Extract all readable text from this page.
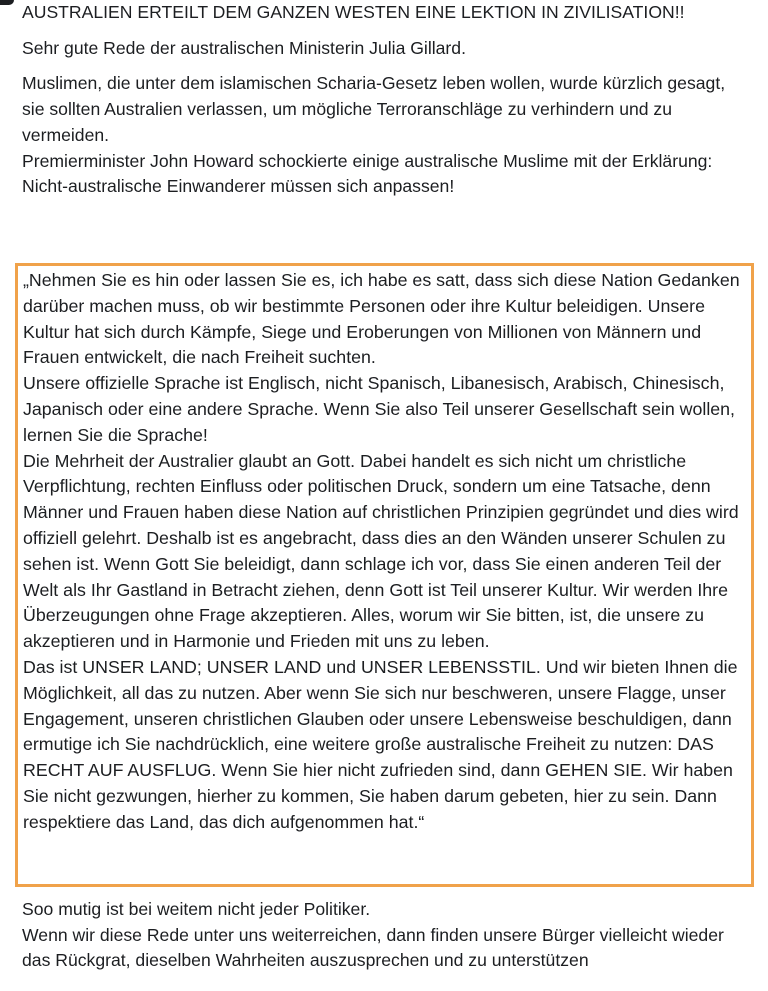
AUSTRALIEN ERTEILT DEM GANZEN WESTEN EINE LEKTION IN ZIVILISATION!!

Sehr gute Rede der australischen Ministerin Julia Gillard.

Muslimen, die unter dem islamischen Scharia-Gesetz leben wollen, wurde kürzlich gesagt, sie sollten Australien verlassen, um mögliche Terroranschläge zu verhindern und zu vermeiden.

Premierminister John Howard schockierte einige australische Muslime mit der Erklärung:

Nicht-australische Einwanderer müssen sich anpassen!

„Nehmen Sie es hin oder lassen Sie es, ich habe es satt, dass sich diese Nation Gedanken darüber machen muss, ob wir bestimmte Personen oder ihre Kultur beleidigen. Unsere Kultur hat sich durch Kämpfe, Siege und Eroberungen von Millionen von Männern und Frauen entwickelt, die nach Freiheit suchten.

Unsere offizielle Sprache ist Englisch, nicht Spanisch, Libanesisch, Arabisch, Chinesisch, Japanisch oder eine andere Sprache. Wenn Sie also Teil unserer Gesellschaft sein wollen, lernen Sie die Sprache!

Die Mehrheit der Australier glaubt an Gott. Dabei handelt es sich nicht um christliche Verpflichtung, rechten Einfluss oder politischen Druck, sondern um eine Tatsache, denn Männer und Frauen haben diese Nation auf christlichen Prinzipien gegründet und dies wird offiziell gelehrt. Deshalb ist es angebracht, dass dies an den Wänden unserer Schulen zu sehen ist. Wenn Gott Sie beleidigt, dann schlage ich vor, dass Sie einen anderen Teil der Welt als Ihr Gastland in Betracht ziehen, denn Gott ist Teil unserer Kultur. Wir werden Ihre Überzeugungen ohne Frage akzeptieren. Alles, worum wir Sie bitten, ist, die unsere zu akzeptieren und in Harmonie und Frieden mit uns zu leben.

Das ist UNSER LAND; UNSER LAND und UNSER LEBENSSTIL. Und wir bieten Ihnen die Möglichkeit, all das zu nutzen. Aber wenn Sie sich nur beschweren, unsere Flagge, unser Engagement, unseren christlichen Glauben oder unsere Lebensweise beschuldigen, dann ermutige ich Sie nachdrücklich, eine weitere große australische Freiheit zu nutzen: DAS RECHT AUF AUSFLUG. Wenn Sie hier nicht zufrieden sind, dann GEHEN SIE. Wir haben Sie nicht gezwungen, hierher zu kommen, Sie haben darum gebeten, hier zu sein. Dann respektiere das Land, das dich aufgenommen hat.“

Soo mutig ist bei weitem nicht jeder Politiker.

Wenn wir diese Rede unter uns weiterreichen, dann finden unsere Bürger vielleicht wieder das Rückgrat, dieselben Wahrheiten auszusprechen und zu unterstützen
